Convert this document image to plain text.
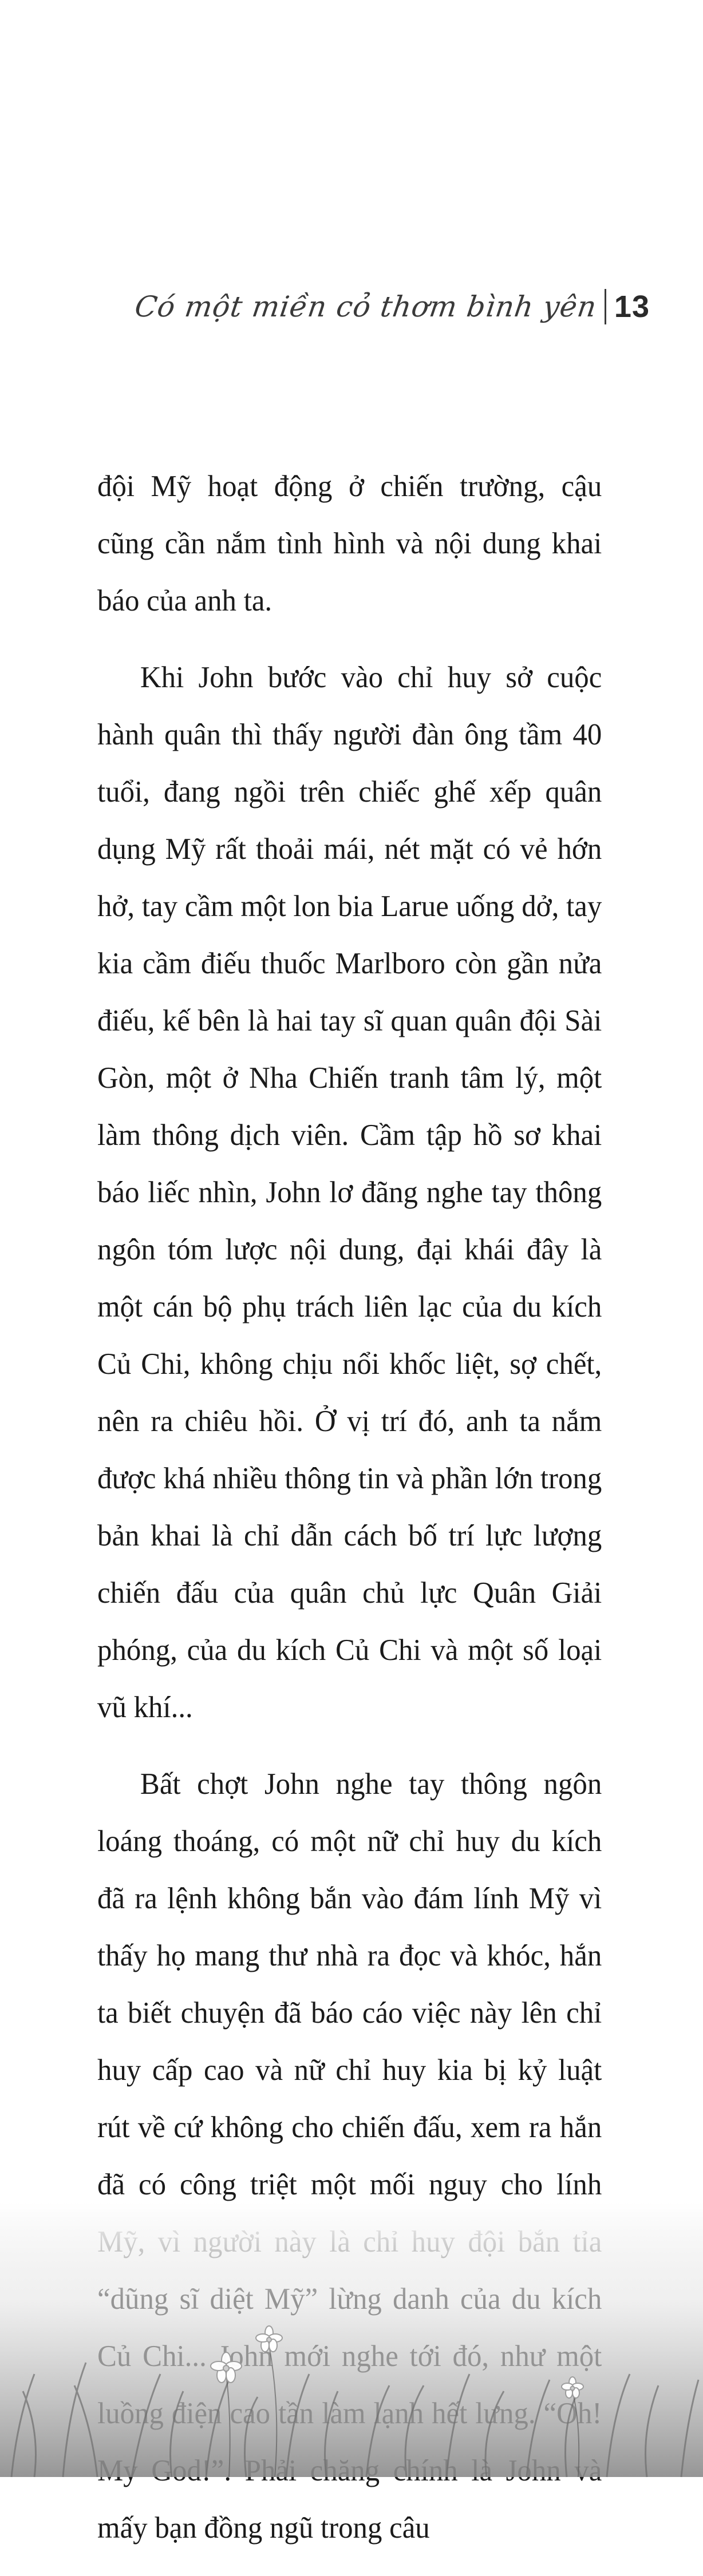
Có một miền cỏ thơm bình yên 13

đội Mỹ hoạt động ở chiến trường, cậu cũng cần nắm tình hình và nội dung khai báo của anh ta.

Khi John bước vào chỉ huy sở cuộc hành quân thì thấy người đàn ông tầm 40 tuổi, đang ngồi trên chiếc ghế xếp quân dụng Mỹ rất thoải mái, nét mặt có vẻ hớn hở, tay cầm một lon bia Larue uống dở, tay kia cầm điếu thuốc Marlboro còn gần nửa điếu, kế bên là hai tay sĩ quan quân đội Sài Gòn, một ở Nha Chiến tranh tâm lý, một làm thông dịch viên. Cầm tập hồ sơ khai báo liếc nhìn, John lơ đãng nghe tay thông ngôn tóm lược nội dung, đại khái đây là một cán bộ phụ trách liên lạc của du kích Củ Chi, không chịu nổi khốc liệt, sợ chết, nên ra chiêu hồi. Ở vị trí đó, anh ta nắm được khá nhiều thông tin và phần lớn trong bản khai là chỉ dẫn cách bố trí lực lượng chiến đấu của quân chủ lực Quân Giải phóng, của du kích Củ Chi và một số loại vũ khí...

Bất chợt John nghe tay thông ngôn loáng thoáng, có một nữ chỉ huy du kích đã ra lệnh không bắn vào đám lính Mỹ vì thấy họ mang thư nhà ra đọc và khóc, hắn ta biết chuyện đã báo cáo việc này lên chỉ huy cấp cao và nữ chỉ huy kia bị kỷ luật rút về cứ không cho chiến đấu, xem ra hắn đã có công triệt một mối nguy cho lính mấy bạn đồng ngũ trong câu
